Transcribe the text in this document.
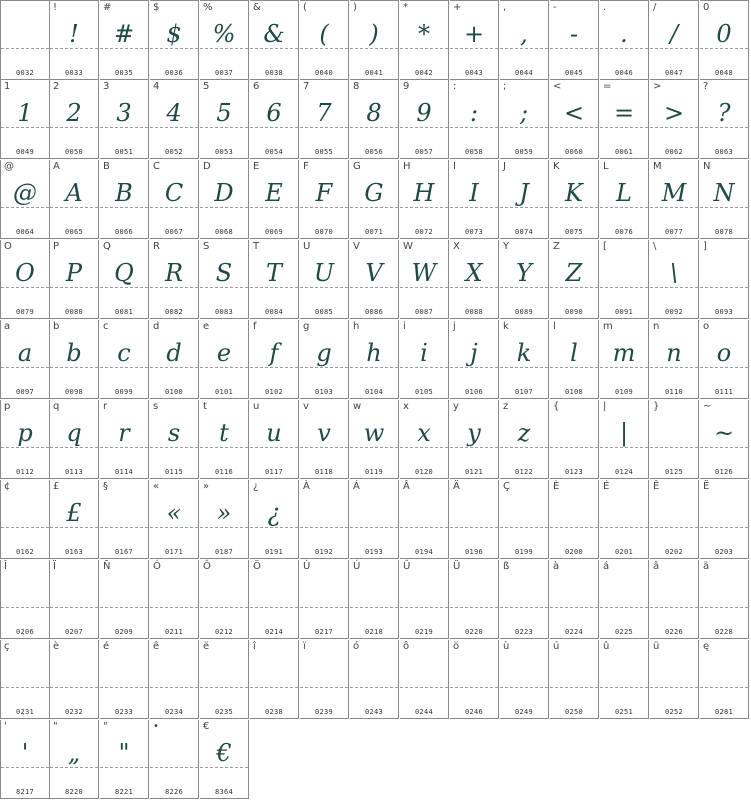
0032
!
!
0033
#
#
0035
$
$
0036
%
%
0037
&
&
0038
(
(
0040
)
)
0041
*
*
0042
+
+
0043
,
,
0044
-
-
0045
.
.
0046
/
/
0047
0
0
0048
1
1
0049
2
2
0050
3
3
0051
4
4
0052
5
5
0053
6
6
0054
7
7
0055
8
8
0056
9
9
0057
:
:
0058
;
;
0059
<
<
0060
=
=
0061
>
>
0062
?
?
0063
@
@
0064
A
A
0065
B
B
0066
C
C
0067
D
D
0068
E
E
0069
F
F
0070
G
G
0071
H
H
0072
I
I
0073
J
J
0074
K
K
0075
L
L
0076
M
M
0077
N
N
0078
O
O
0079
P
P
0080
Q
Q
0081
R
R
0082
S
S
0083
T
T
0084
U
U
0085
V
V
0086
W
W
0087
X
X
0088
Y
Y
0089
Z
Z
0090
[
0091
\
\
0092
]
0093
a
a
0097
b
b
0098
c
c
0099
d
d
0100
e
e
0101
f
f
0102
g
g
0103
h
h
0104
i
i
0105
j
j
0106
k
k
0107
l
l
0108
m
m
0109
n
n
0110
o
o
0111
p
p
0112
q
q
0113
r
r
0114
s
s
0115
t
t
0116
u
u
0117
v
v
0118
w
w
0119
x
x
0120
y
y
0121
z
z
0122
{
0123
|
|
0124
}
0125
~
~
0126
¢
0162
£
£
0163
§
0167
«
«
0171
»
»
0187
¿
¿
0191
À
0192
Á
0193
Â
0194
Ä
0196
Ç
0199
È
0200
É
0201
Ê
0202
Ë
0203
Î
0206
Ï
0207
Ñ
0209
Ó
0211
Ô
0212
Ö
0214
Ù
0217
Ú
0218
Û
0219
Ü
0220
ß
0223
à
0224
á
0225
â
0226
ä
0228
ç
0231
è
0232
é
0233
ê
0234
ë
0235
î
0238
ï
0239
ó
0243
ô
0244
ö
0246
ù
0249
ú
0250
û
0251
ü
0252
ę
0281
'
'
8217
"
„
8220
"
"
8221
•
8226
€
€
8364
